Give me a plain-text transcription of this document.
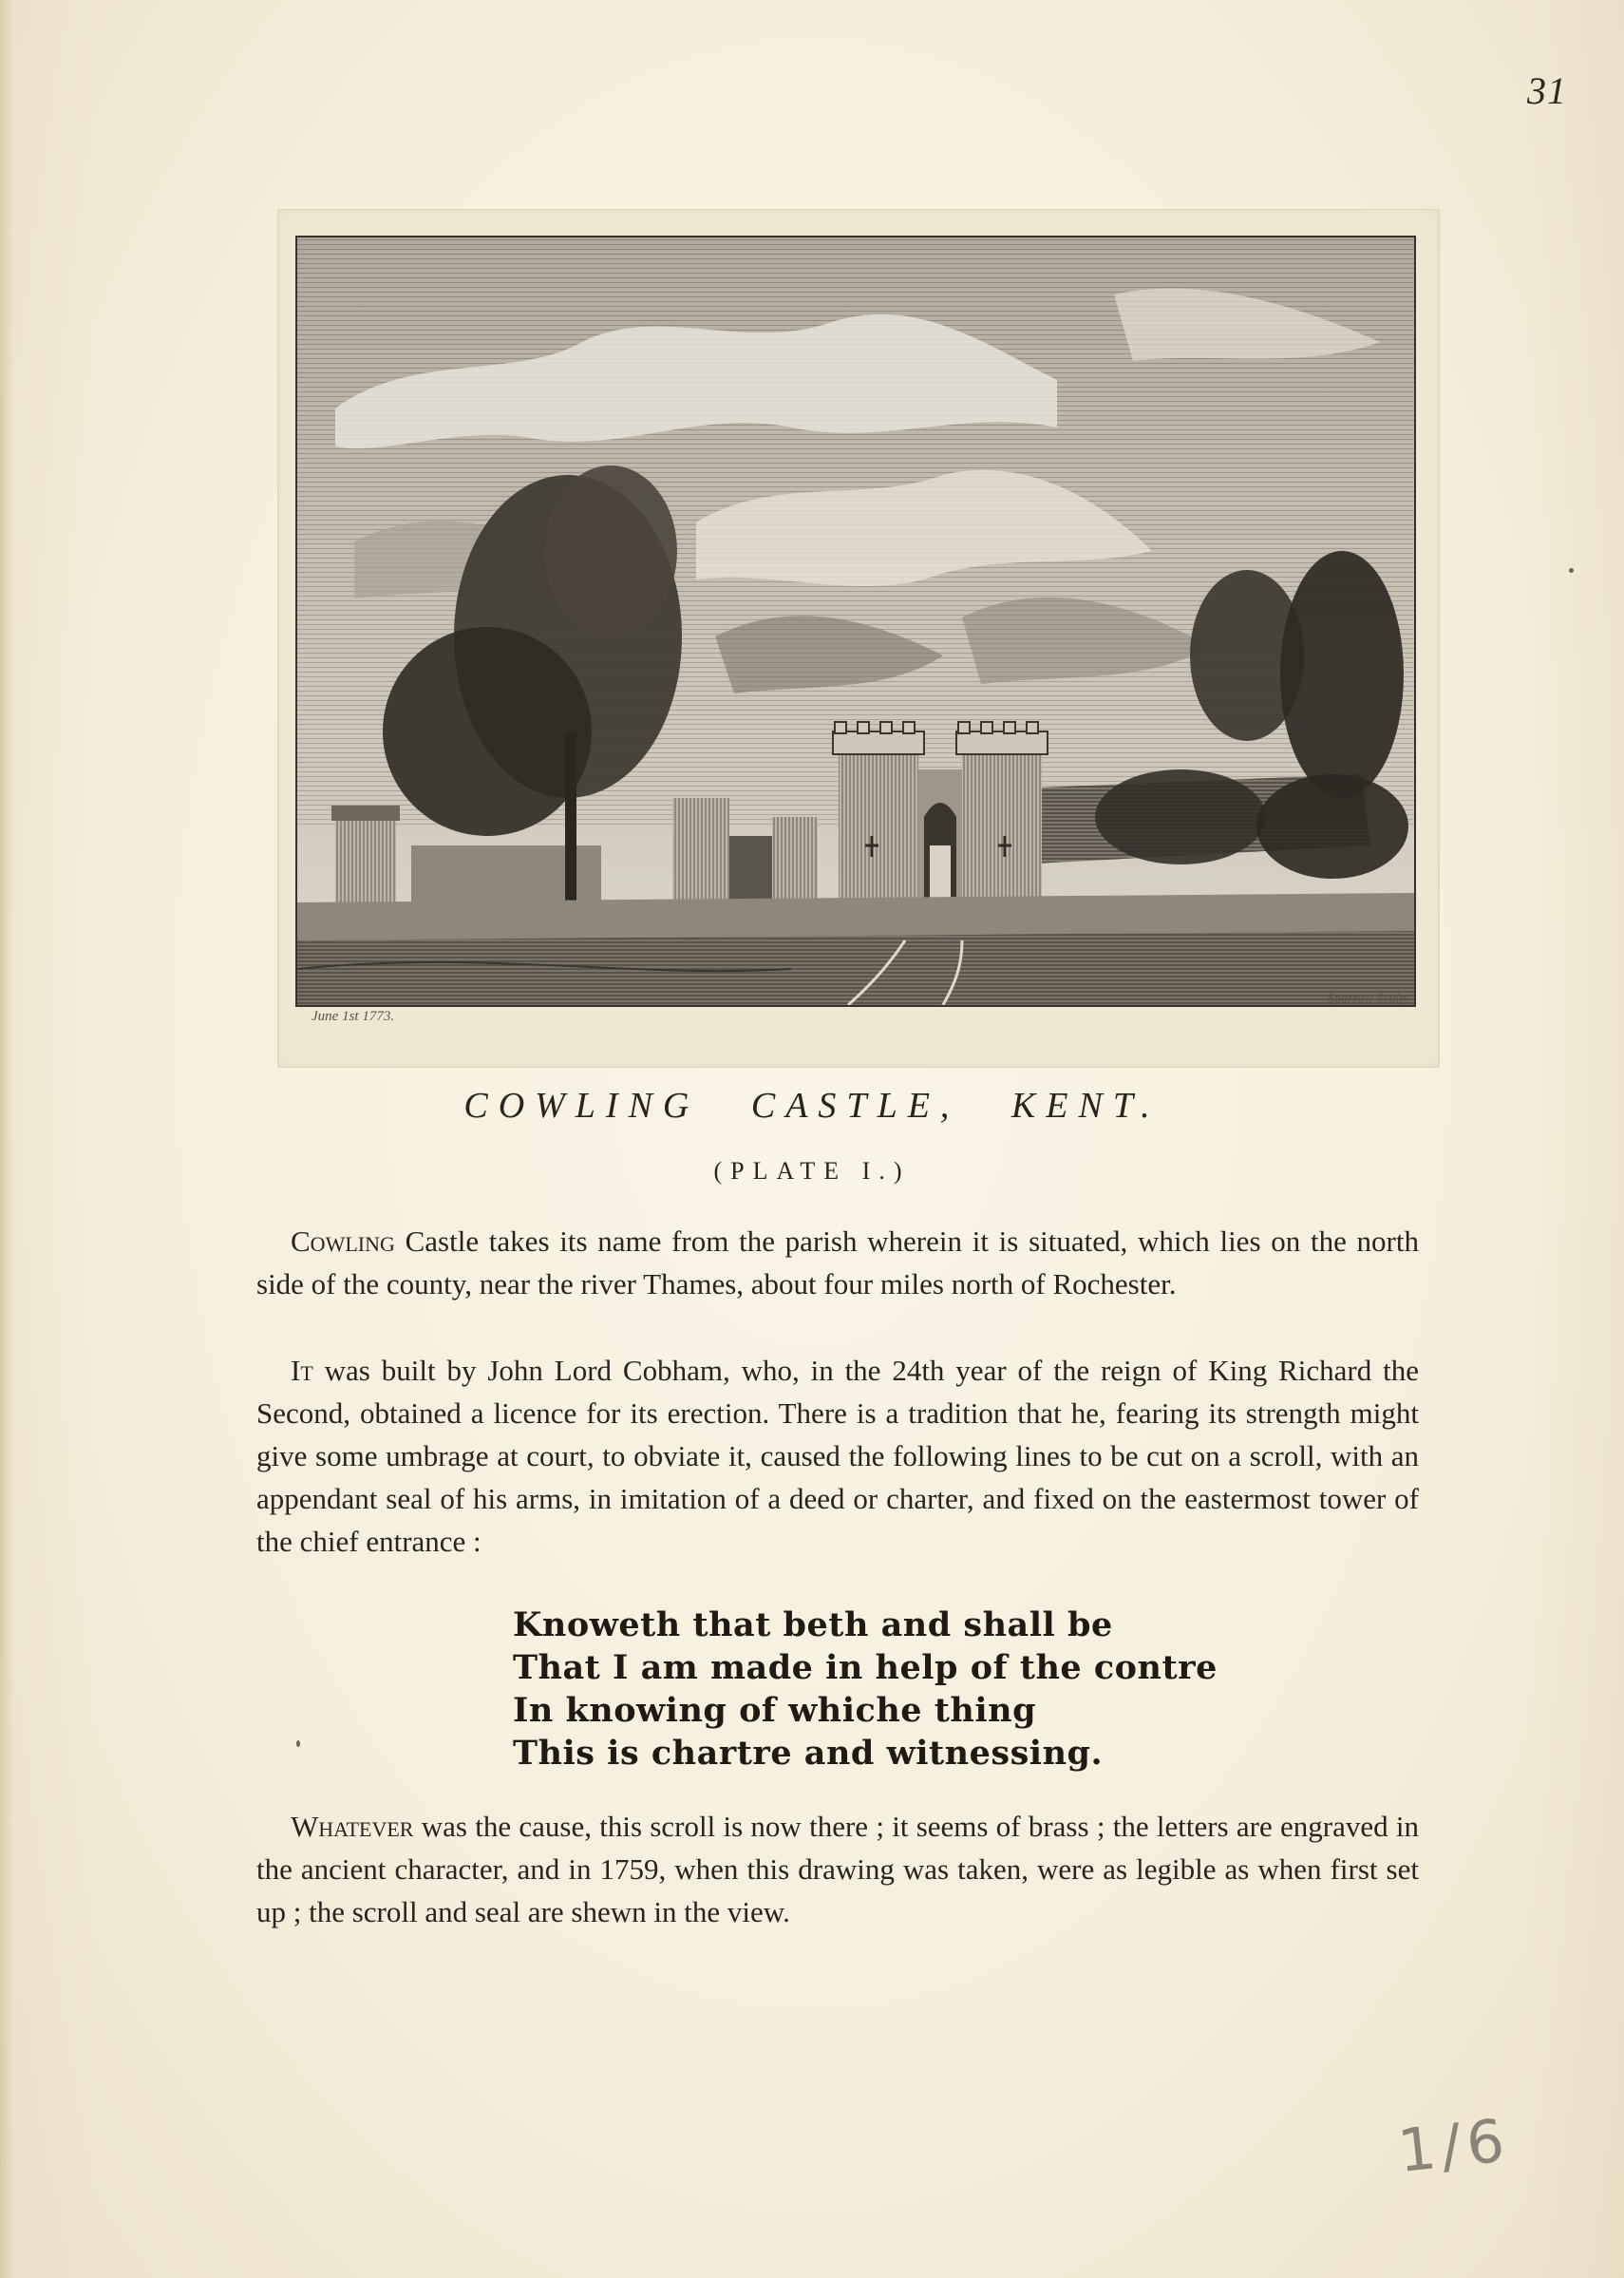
31
June 1st 1773.
Sparrow Sculp.
COWLING CASTLE, KENT.
(PLATE I.)
Cowling Castle takes its name from the parish wherein it is situated, which lies on the north side of the county, near the river Thames, about four miles north of Rochester.
It was built by John Lord Cobham, who, in the 24th year of the reign of King Richard the Second, obtained a licence for its erection. There is a tradition that he, fearing its strength might give some umbrage at court, to obviate it, caused the following lines to be cut on a scroll, with an appendant seal of his arms, in imitation of a deed or charter, and fixed on the eastermost tower of the chief entrance :
Knoweth that beth and shall be
That I am made in help of the contre
In knowing of whiche thing
This is chartre and witnessing.
Whatever was the cause, this scroll is now there ; it seems of brass ; the letters are engraved in the ancient character, and in 1759, when this drawing was taken, were as legible as when first set up ; the scroll and seal are shewn in the view.
1/6
